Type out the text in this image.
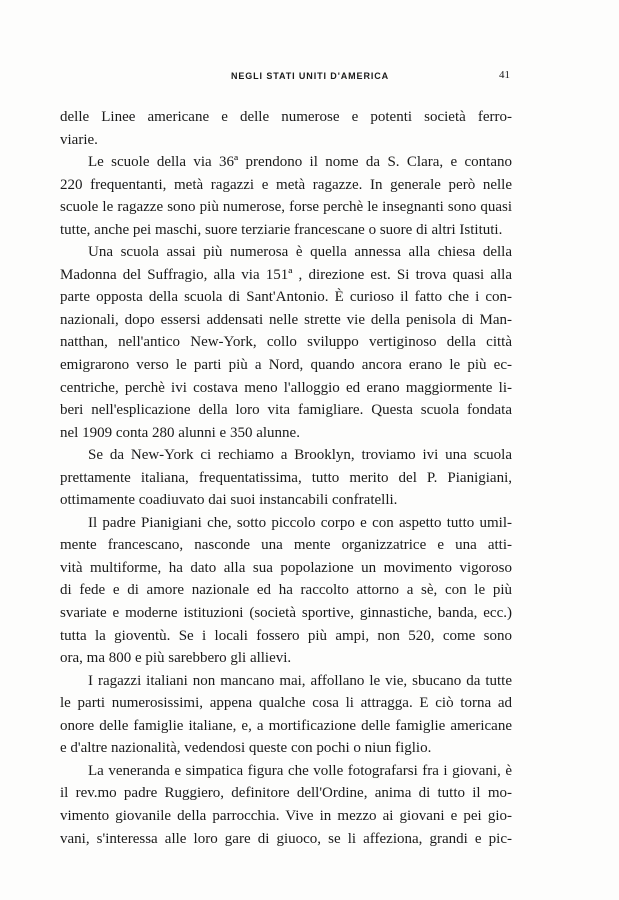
NEGLI STATI UNITI D'AMERICA	41
delle Linee americane e delle numerose e potenti società ferro-
viarie.
Le scuole della via 36ª prendono il nome da S. Clara, e contano
220 frequentanti, metà ragazzi e metà ragazze. In generale però nelle
scuole le ragazze sono più numerose, forse perchè le insegnanti sono quasi
tutte, anche pei maschi, suore terziarie francescane o suore di altri Istituti.
Una scuola assai più numerosa è quella annessa alla chiesa della
Madonna del Suffragio, alla via 151ª , direzione est. Si trova quasi alla
parte opposta della scuola di Sant'Antonio. È curioso il fatto che i con-
nazionali, dopo essersi addensati nelle strette vie della penisola di Man-
natthan, nell'antico New-York, collo sviluppo vertiginoso della città
emigrarono verso le parti più a Nord, quando ancora erano le più ec-
centriche, perchè ivi costava meno l'alloggio ed erano maggiormente li-
beri nell'esplicazione della loro vita famigliare. Questa scuola fondata
nel 1909 conta 280 alunni e 350 alunne.
Se da New-York ci rechiamo a Brooklyn, troviamo ivi una scuola
prettamente italiana, frequentatissima, tutto merito del P. Pianigiani,
ottimamente coadiuvato dai suoi instancabili confratelli.
Il padre Pianigiani che, sotto piccolo corpo e con aspetto tutto umil-
mente francescano, nasconde una mente organizzatrice e una atti-
vità multiforme, ha dato alla sua popolazione un movimento vigoroso
di fede e di amore nazionale ed ha raccolto attorno a sè, con le più
svariate e moderne istituzioni (società sportive, ginnastiche, banda, ecc.)
tutta la gioventù. Se i locali fossero più ampi, non 520, come sono
ora, ma 800 e più sarebbero gli allievi.
I ragazzi italiani non mancano mai, affollano le vie, sbucano da tutte
le parti numerosissimi, appena qualche cosa li attragga. E ciò torna ad
onore delle famiglie italiane, e, a mortificazione delle famiglie americane
e d'altre nazionalità, vedendosi queste con pochi o niun figlio.
La veneranda e simpatica figura che volle fotografarsi fra i giovani, è
il rev.mo padre Ruggiero, definitore dell'Ordine, anima di tutto il mo-
vimento giovanile della parrocchia. Vive in mezzo ai giovani e pei gio-
vani, s'interessa alle loro gare di giuoco, se li affeziona, grandi e pic-
